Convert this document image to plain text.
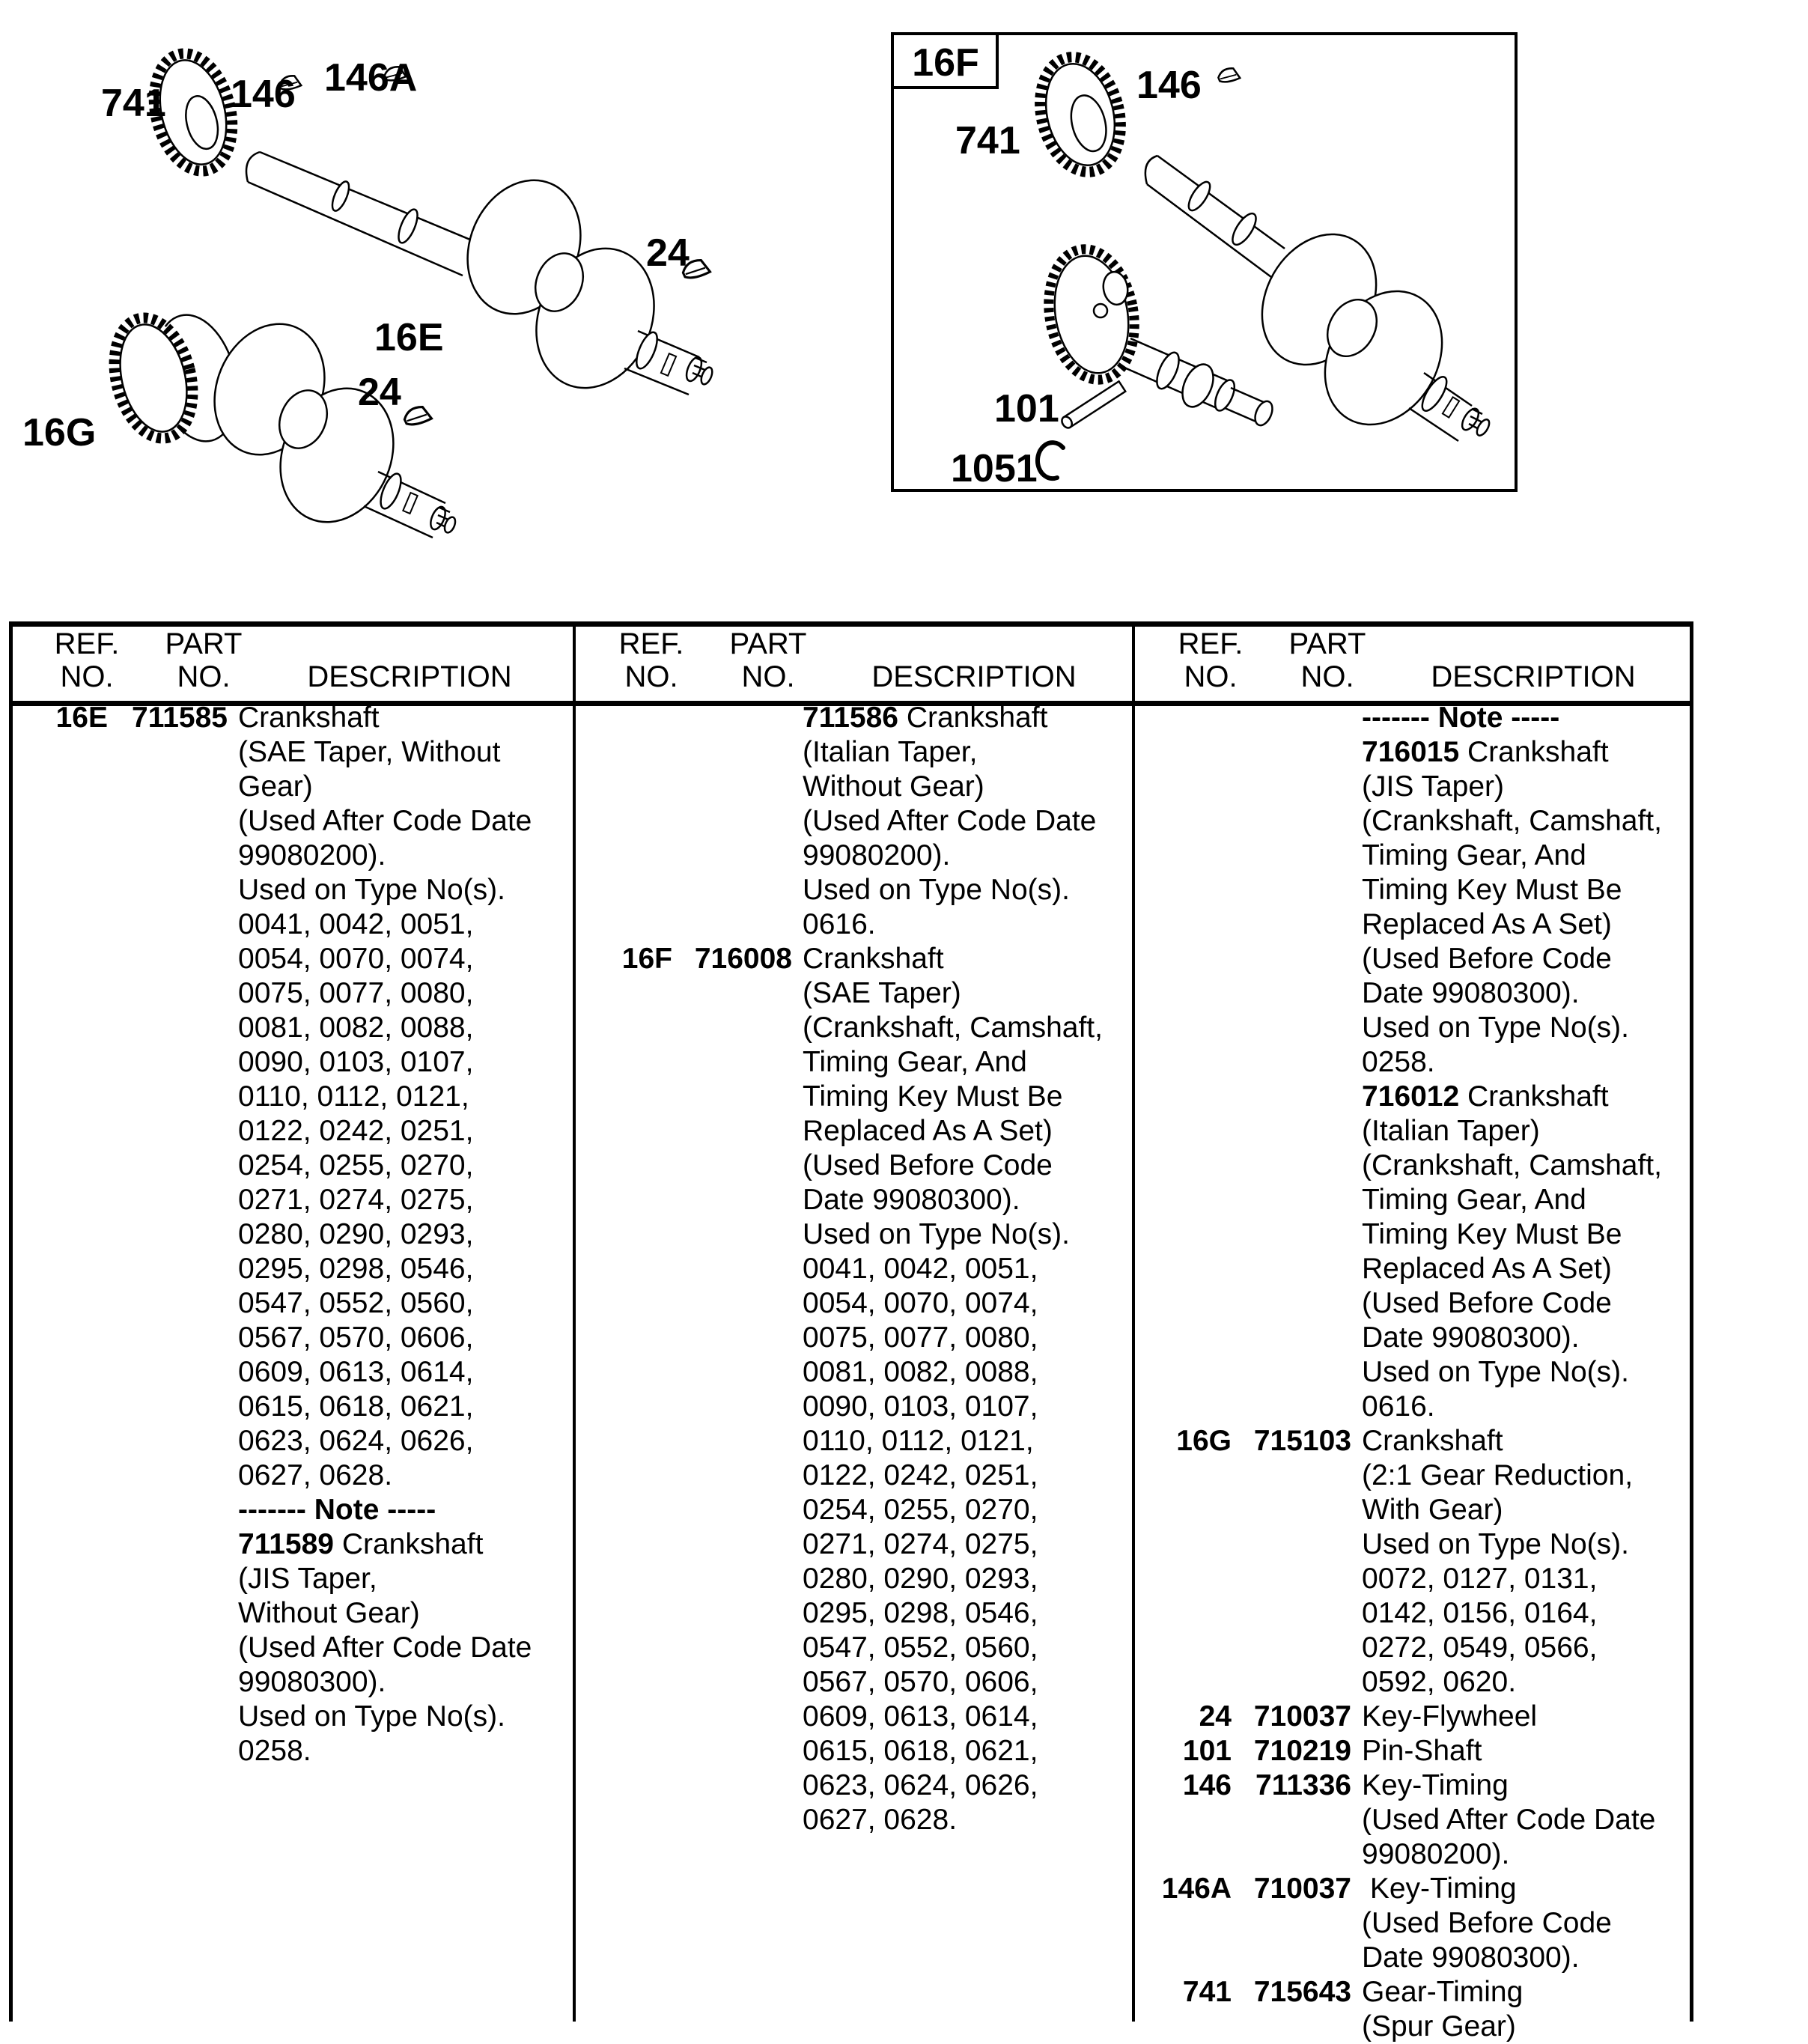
16F
741 146 146A
16E
24
24
16G
741
146
101
1051
REF.
NO.
PART
NO.	DESCRIPTION
16E 711585 Crankshaft
(SAE Taper, Without
Gear)
(Used After Code Date
99080200).
Used on Type No(s).
0041, 0042, 0051,
0054, 0070, 0074,
0075, 0077, 0080,
0081, 0082, 0088,
0090, 0103, 0107,
0110, 0112, 0121,
0122, 0242, 0251,
0254, 0255, 0270,
0271, 0274, 0275,
0280, 0290, 0293,
0295, 0298, 0546,
0547, 0552, 0560,
0567, 0570, 0606,
0609, 0613, 0614,
0615, 0618, 0621,
0623, 0624, 0626,
0627, 0628.
------- Note -----
711589 Crankshaft
(JIS Taper,
Without Gear)
(Used After Code Date
99080300).
Used on Type No(s).
0258.
REF.
NO.
PART
NO.	DESCRIPTION
711586 Crankshaft
(Italian Taper,
Without Gear)
(Used After Code Date
99080200).
Used on Type No(s).
0616.
16F 716008 Crankshaft
(SAE Taper)
(Crankshaft, Camshaft,
Timing Gear, And
Timing Key Must Be
Replaced As A Set)
(Used Before Code
Date 99080300).
Used on Type No(s).
0041, 0042, 0051,
0054, 0070, 0074,
0075, 0077, 0080,
0081, 0082, 0088,
0090, 0103, 0107,
0110, 0112, 0121,
0122, 0242, 0251,
0254, 0255, 0270,
0271, 0274, 0275,
0280, 0290, 0293,
0295, 0298, 0546,
0547, 0552, 0560,
0567, 0570, 0606,
0609, 0613, 0614,
0615, 0618, 0621,
0623, 0624, 0626,
0627, 0628.
REF.
NO.
PART
NO.	DESCRIPTION
------- Note -----
716015 Crankshaft
(JIS Taper)
(Crankshaft, Camshaft,
Timing Gear, And
Timing Key Must Be
Replaced As A Set)
(Used Before Code
Date 99080300).
Used on Type No(s).
0258.
716012 Crankshaft
(Italian Taper)
(Crankshaft, Camshaft,
Timing Gear, And
Timing Key Must Be
Replaced As A Set)
(Used Before Code
Date 99080300).
Used on Type No(s).
0616.
16G 715103 Crankshaft
(2:1 Gear Reduction,
With Gear)
Used on Type No(s).
0072, 0127, 0131,
0142, 0156, 0164,
0272, 0549, 0566,
0592, 0620.
24 710037 Key-Flywheel
101 710219 Pin-Shaft
146 711336 Key-Timing
(Used After Code Date
99080200).
146A 710037 Key-Timing
(Used Before Code
Date 99080300).
741 715643 Gear-Timing
(Spur Gear)
